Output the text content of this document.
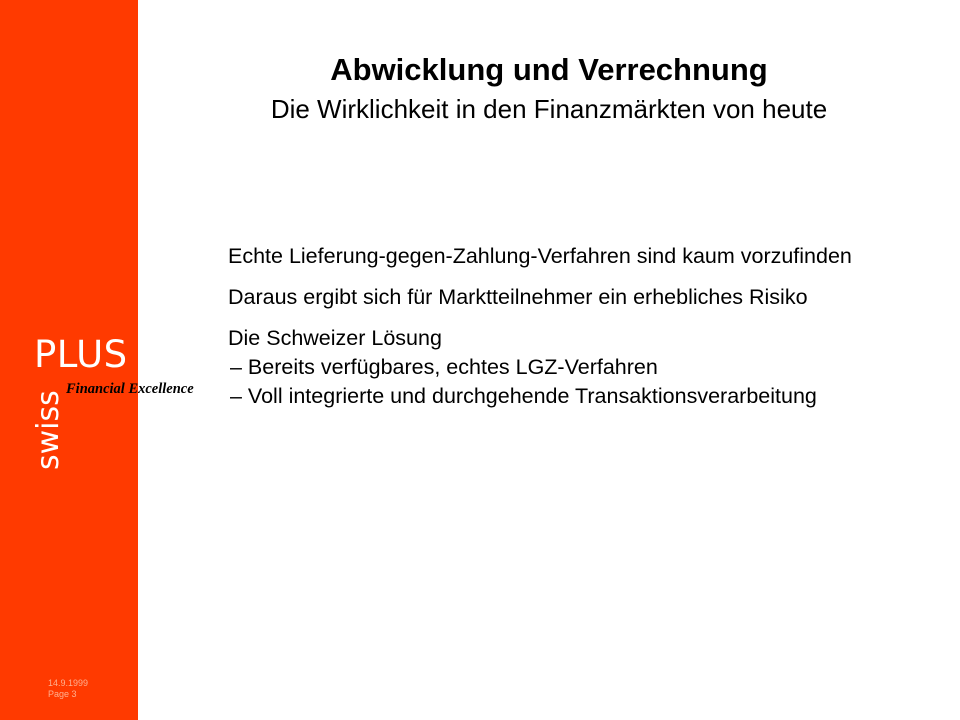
PLUS
swiss
Financial Excellence
14.9.1999
Page 3
Abwicklung und Verrechnung
Die Wirklichkeit in den Finanzmärkten von heute

Echte Lieferung-gegen-Zahlung-Verfahren sind kaum vorzufinden

Daraus ergibt sich für Marktteilnehmer ein erhebliches Risiko

Die Schweizer Lösung
– Bereits verfügbares, echtes LGZ-Verfahren
– Voll integrierte und durchgehende Transaktionsverarbeitung
